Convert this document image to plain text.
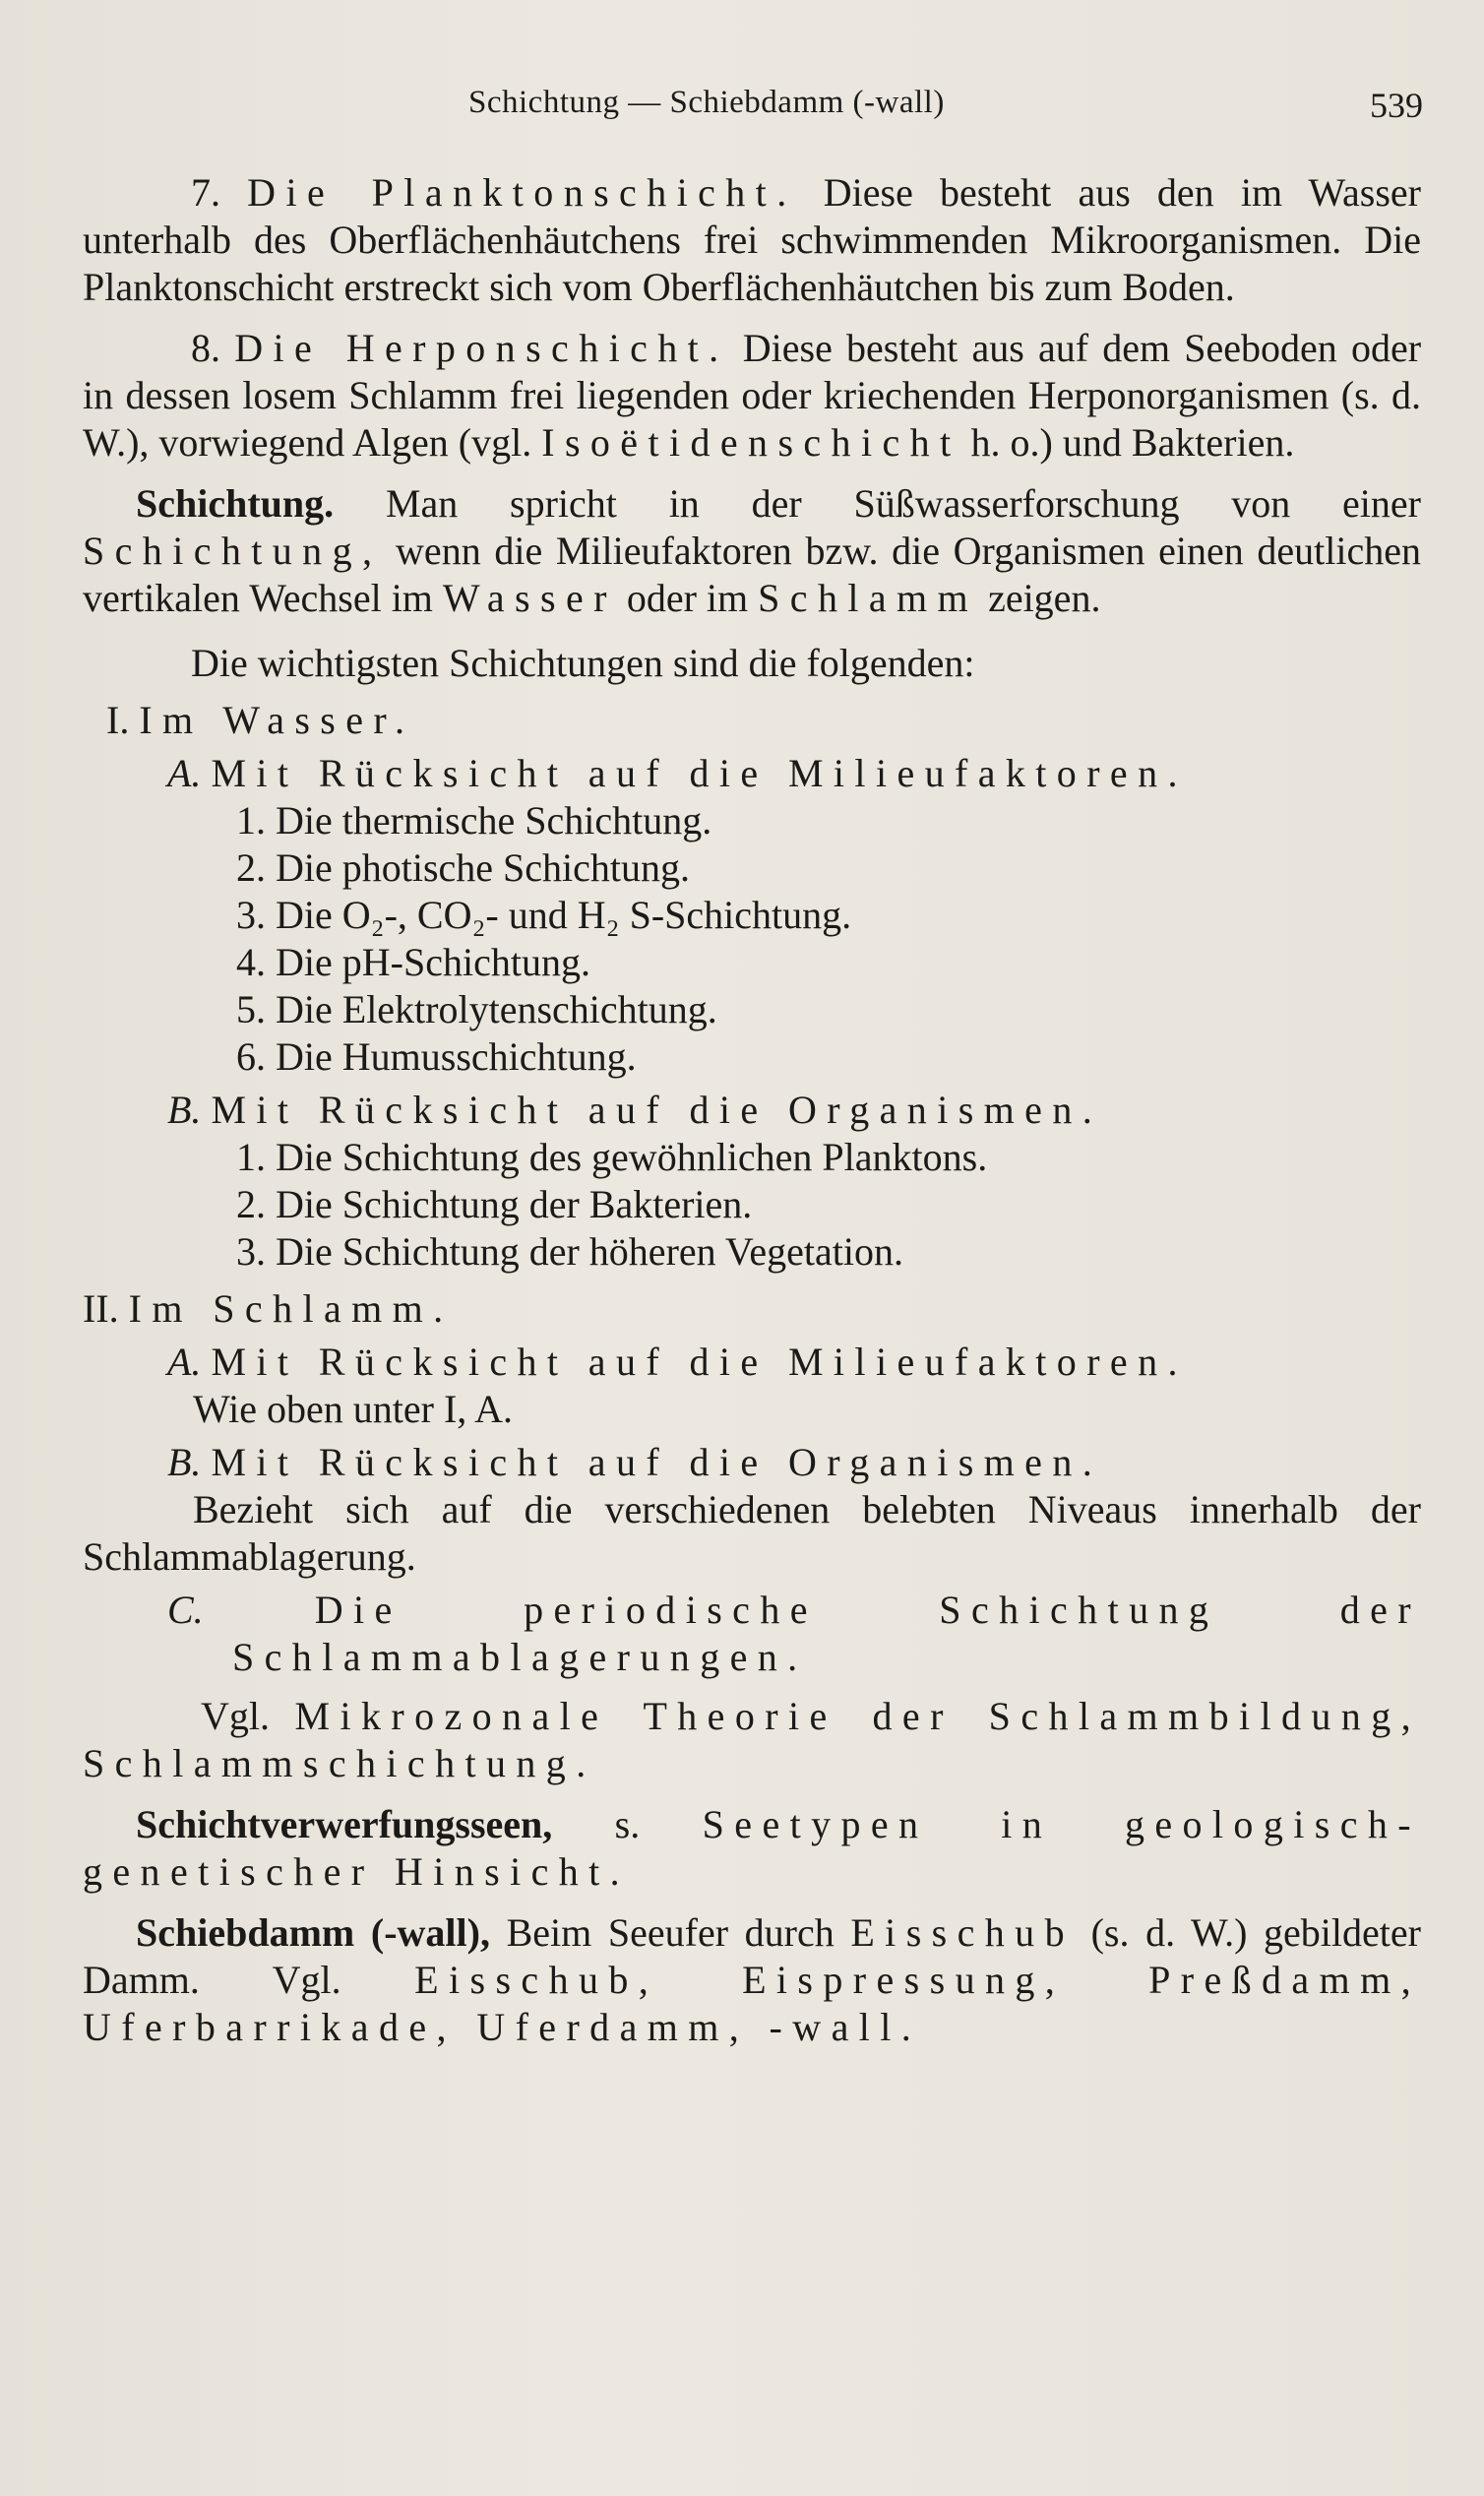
Schichtung — Schiebdamm (-wall)	539

7. Die Planktonschicht. Diese besteht aus den im Wasser unterhalb des Oberflächenhäutchens frei schwimmenden Mikroorganismen. Die Planktonschicht erstreckt sich vom Oberflächenhäutchen bis zum Boden.

8. Die Herponschicht. Diese besteht aus auf dem Seeboden oder in dessen losem Schlamm frei liegenden oder kriechenden Herponorganismen (s. d. W.), vorwiegend Algen (vgl. Isoëtidenschicht h. o.) und Bakterien.

Schichtung. Man spricht in der Süßwasserforschung von einer Schichtung, wenn die Milieufaktoren bzw. die Organismen einen deutlichen vertikalen Wechsel im Wasser oder im Schlamm zeigen.

Die wichtigsten Schichtungen sind die folgenden:

I. Im Wasser.

A. Mit Rücksicht auf die Milieufaktoren.

1. Die thermische Schichtung.

2. Die photische Schichtung.

3. Die O₂-, CO₂- und H₂ S-Schichtung.

4. Die pH-Schichtung.

5. Die Elektrolytenschichtung.

6. Die Humusschichtung.

B. Mit Rücksicht auf die Organismen.

1. Die Schichtung des gewöhnlichen Planktons.

2. Die Schichtung der Bakterien.

3. Die Schichtung der höheren Vegetation.

II. Im Schlamm.

A. Mit Rücksicht auf die Milieufaktoren.

Wie oben unter I, A.

B. Mit Rücksicht auf die Organismen.

Bezieht sich auf die verschiedenen belebten Niveaus innerhalb der Schlammablagerung.

C.	Die periodische Schichtung der Schlammablagerungen.

Vgl. Mikrozonale Theorie der Schlammbildung, Schlammschichtung.

Schichtverwerfungsseen, s. Seetypen in geologisch-genetischer Hinsicht.

Schiebdamm (-wall), Beim Seeufer durch Eisschub (s. d. W.) gebildeter Damm. Vgl. Eisschub, Eispressung, Preßdamm, Uferbarrikade, Uferdamm, -wall.
